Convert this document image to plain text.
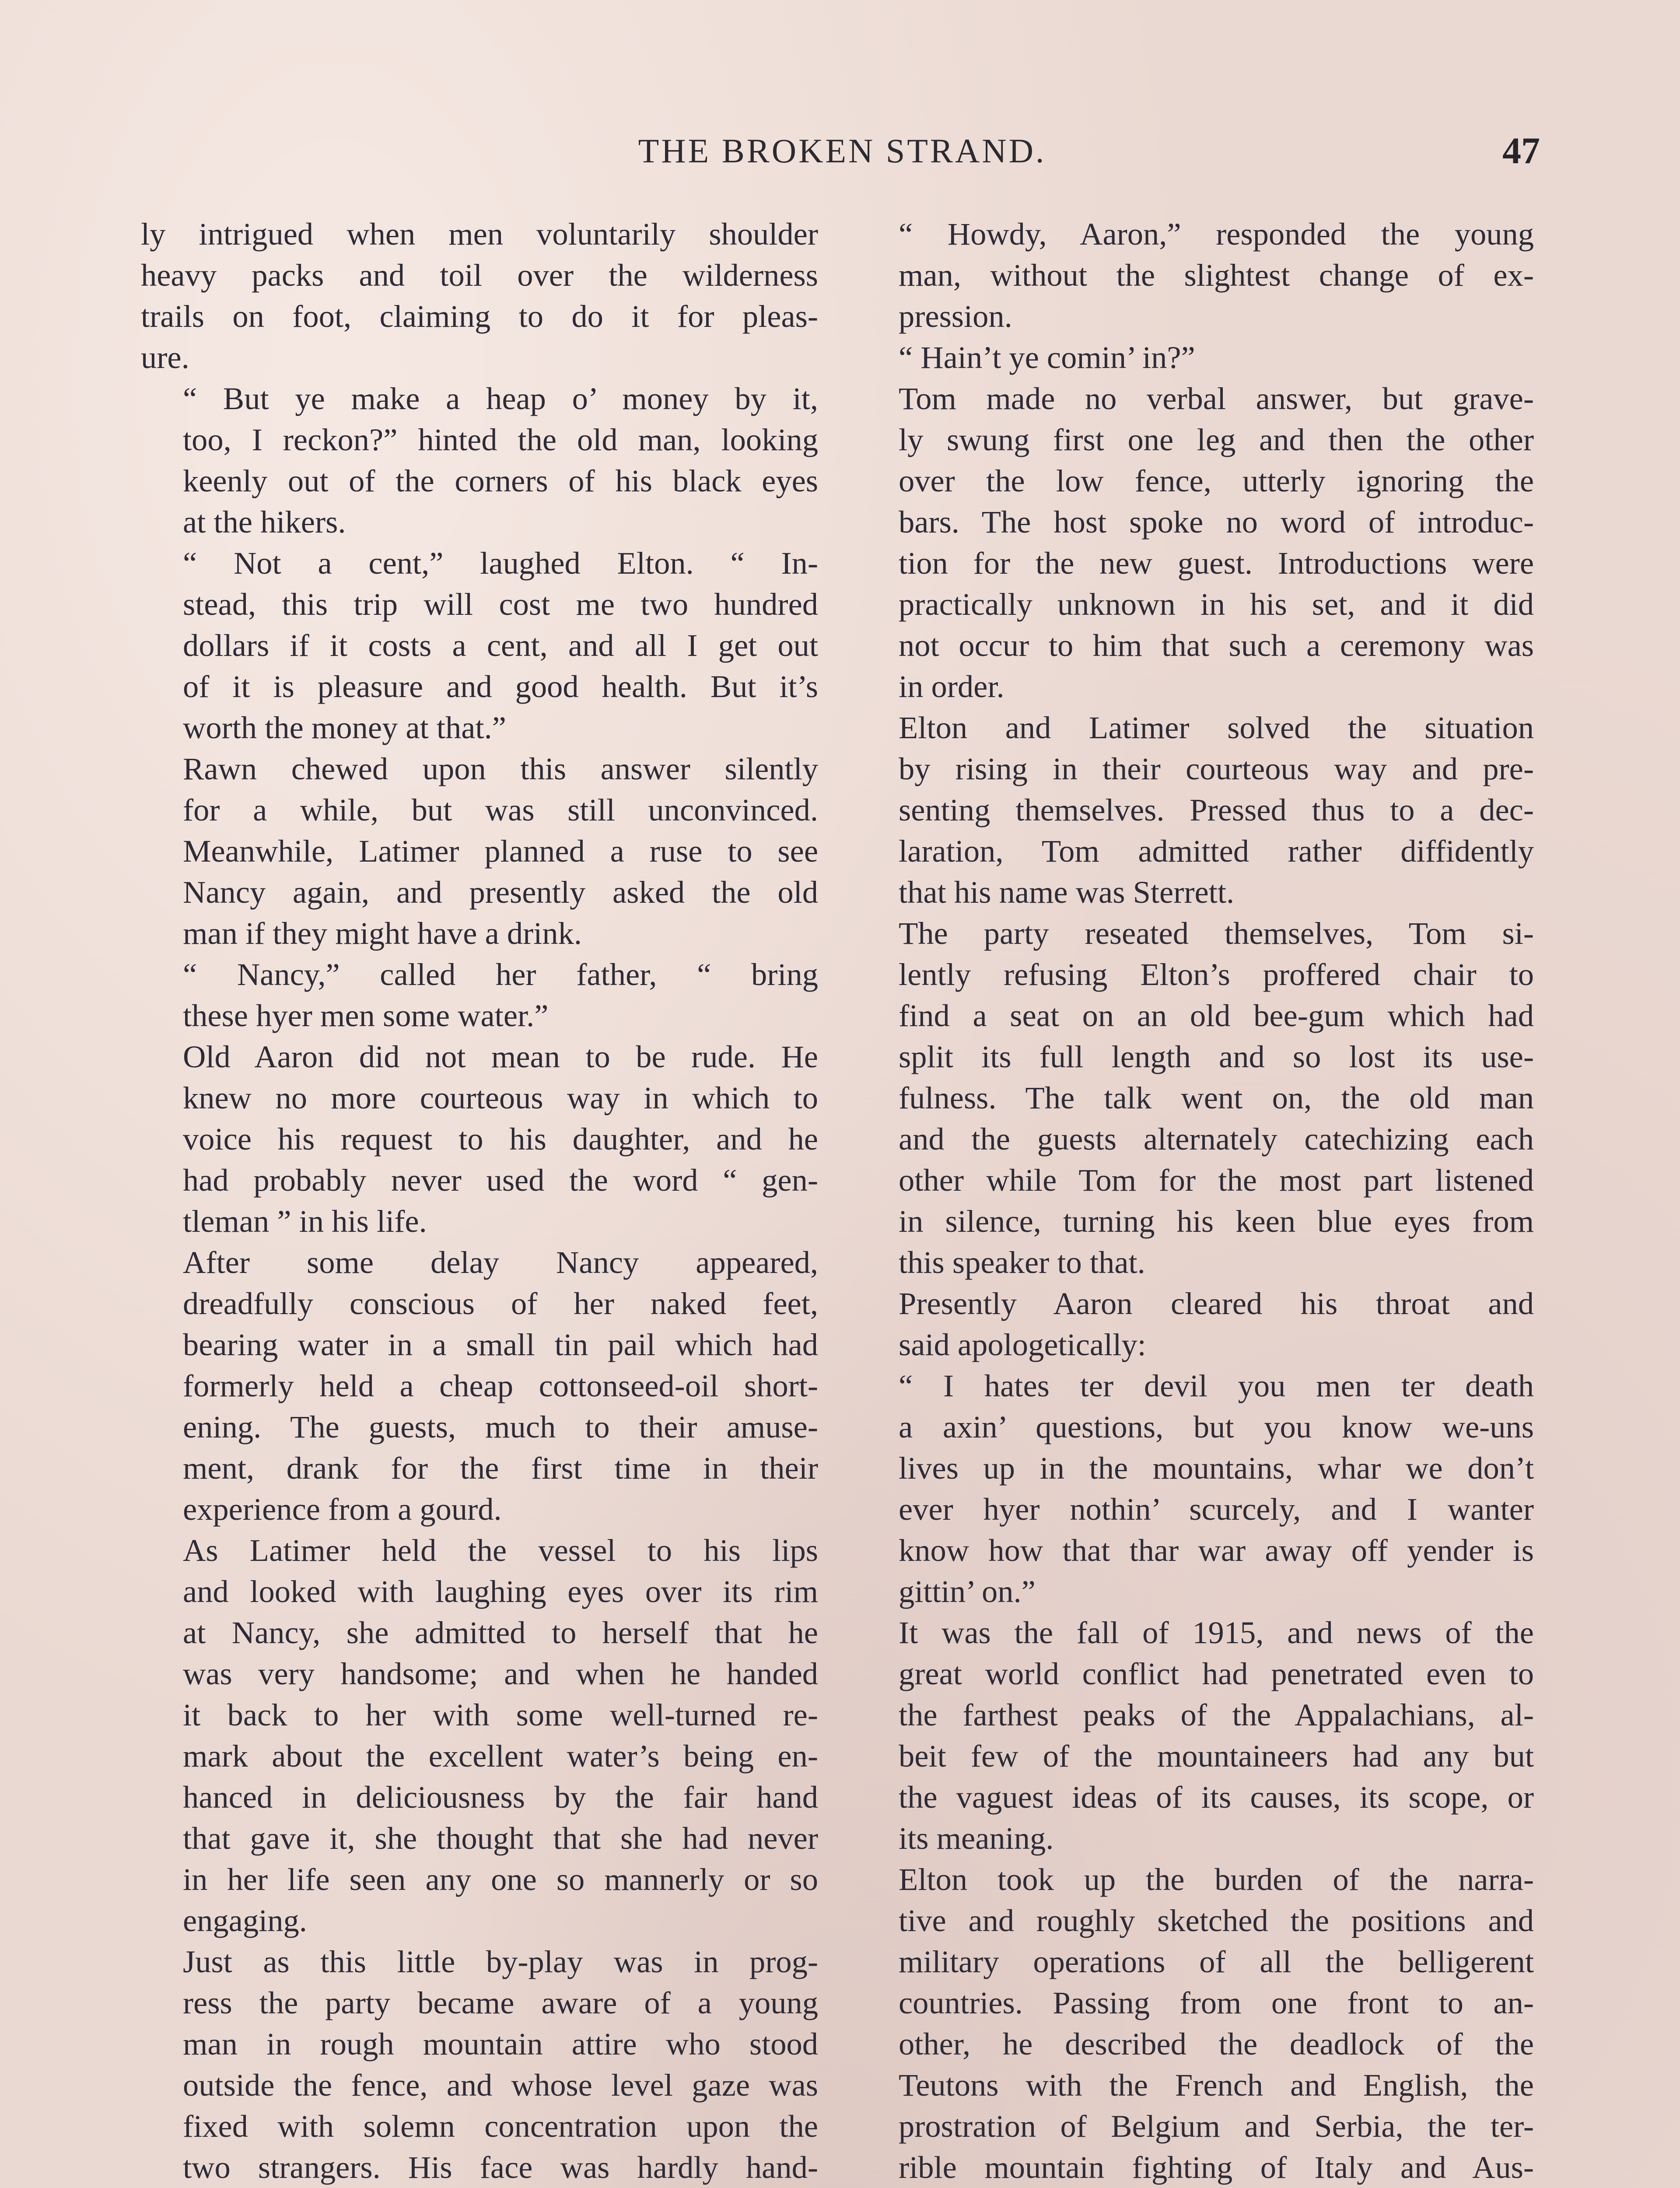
THE BROKEN STRAND.	47
ly intrigued when men voluntarily shoulder
heavy packs and toil over the wilderness
trails on foot, claiming to do it for pleas-
ure.
“ But ye make a heap o’ money by it,
too, I reckon?” hinted the old man, looking
keenly out of the corners of his black eyes
at the hikers.
“ Not a cent,” laughed Elton. “ In-
stead, this trip will cost me two hundred
dollars if it costs a cent, and all I get out
of it is pleasure and good health. But it’s
worth the money at that.”
Rawn chewed upon this answer silently
for a while, but was still unconvinced.
Meanwhile, Latimer planned a ruse to see
Nancy again, and presently asked the old
man if they might have a drink.
“ Nancy,” called her father, “ bring
these hyer men some water.”
Old Aaron did not mean to be rude. He
knew no more courteous way in which to
voice his request to his daughter, and he
had probably never used the word “ gen-
tleman ” in his life.
After some delay Nancy appeared,
dreadfully conscious of her naked feet,
bearing water in a small tin pail which had
formerly held a cheap cottonseed-oil short-
ening. The guests, much to their amuse-
ment, drank for the first time in their
experience from a gourd.
As Latimer held the vessel to his lips
and looked with laughing eyes over its rim
at Nancy, she admitted to herself that he
was very handsome; and when he handed
it back to her with some well-turned re-
mark about the excellent water’s being en-
hanced in deliciousness by the fair hand
that gave it, she thought that she had never
in her life seen any one so mannerly or so
engaging.
Just as this little by-play was in prog-
ress the party became aware of a young
man in rough mountain attire who stood
outside the fence, and whose level gaze was
fixed with solemn concentration upon the
two strangers. His face was hardly hand-
“ Howdy, Aaron,” responded the young
man, without the slightest change of ex-
pression.
“ Hain’t ye comin’ in?”
Tom made no verbal answer, but grave-
ly swung first one leg and then the other
over the low fence, utterly ignoring the
bars. The host spoke no word of introduc-
tion for the new guest. Introductions were
practically unknown in his set, and it did
not occur to him that such a ceremony was
in order.
Elton and Latimer solved the situation
by rising in their courteous way and pre-
senting themselves. Pressed thus to a dec-
laration, Tom admitted rather diffidently
that his name was Sterrett.
The party reseated themselves, Tom si-
lently refusing Elton’s proffered chair to
find a seat on an old bee-gum which had
split its full length and so lost its use-
fulness. The talk went on, the old man
and the guests alternately catechizing each
other while Tom for the most part listened
in silence, turning his keen blue eyes from
this speaker to that.
Presently Aaron cleared his throat and
said apologetically:
“ I hates ter devil you men ter death
a axin’ questions, but you know we-uns
lives up in the mountains, whar we don’t
ever hyer nothin’ scurcely, and I wanter
know how that thar war away off yender is
gittin’ on.”
It was the fall of 1915, and news of the
great world conflict had penetrated even to
the farthest peaks of the Appalachians, al-
beit few of the mountaineers had any but
the vaguest ideas of its causes, its scope, or
its meaning.
Elton took up the burden of the narra-
tive and roughly sketched the positions and
military operations of all the belligerent
countries. Passing from one front to an-
other, he described the deadlock of the
Teutons with the French and English, the
prostration of Belgium and Serbia, the ter-
rible mountain fighting of Italy and Aus-
